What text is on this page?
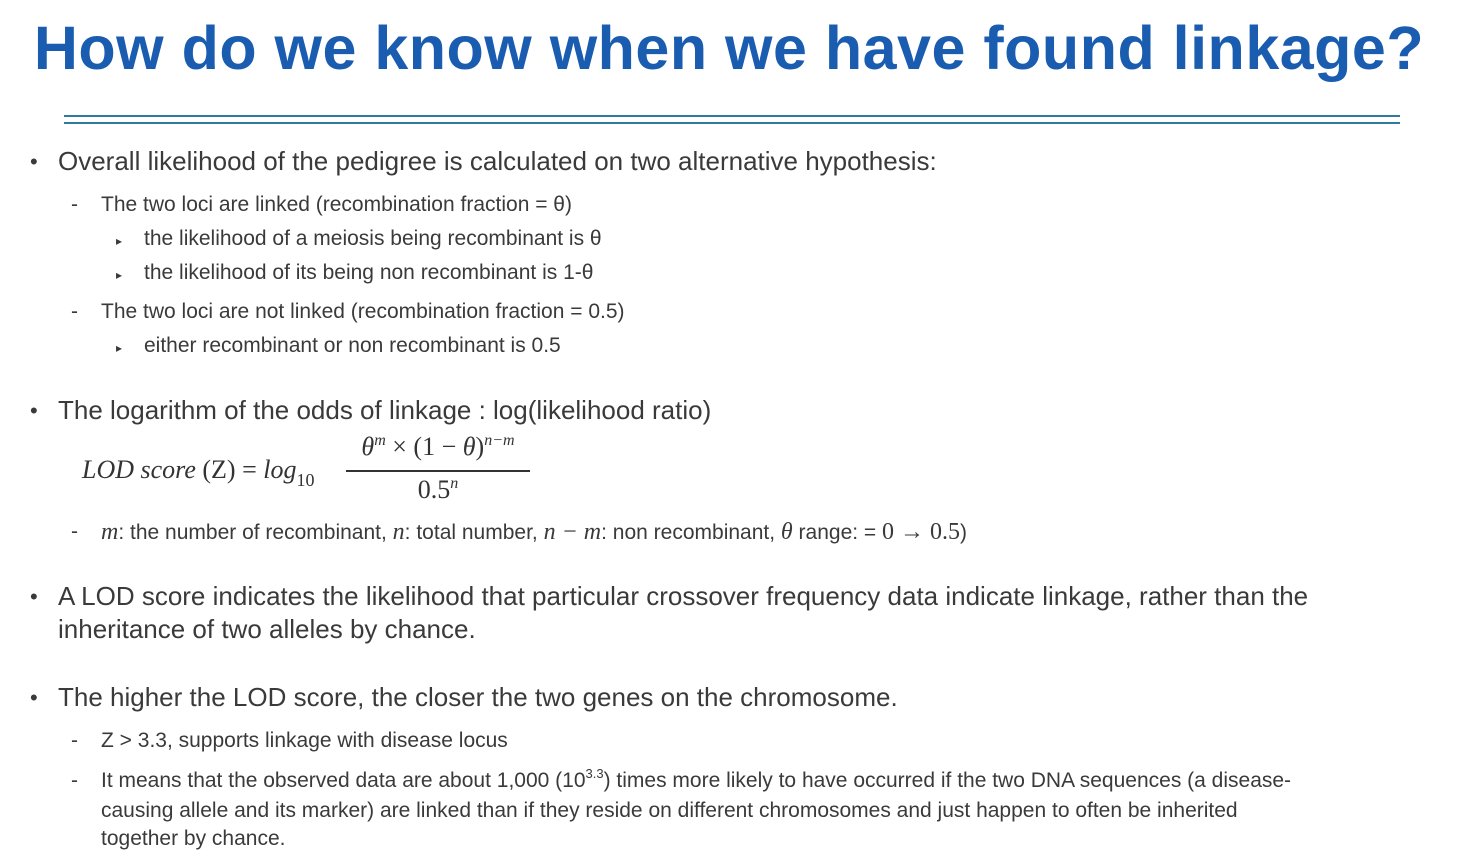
How do we know when we have found linkage?
• Overall likelihood of the pedigree is calculated on two alternative hypothesis:
- The two loci are linked (recombination fraction = θ)
▸ the likelihood of a meiosis being recombinant is θ
▸ the likelihood of its being non recombinant is 1-θ
- The two loci are not linked (recombination fraction = 0.5)
▸ either recombinant or non recombinant is 0.5
• The logarithm of the odds of linkage : log(likelihood ratio)
LOD score $(Z) = \log_{10}$
$\theta^m \times (1 - \theta)^{n-m}$
0.5$^n$
- m: the number of recombinant, n: total number, n − m: non recombinant, θ range: = 0 → 0.5)
• A LOD score indicates the likelihood that particular crossover frequency data indicate linkage, rather than the
inheritance of two alleles by chance.
• The higher the LOD score, the closer the two genes on the chromosome.
- Z > 3.3, supports linkage with disease locus
- It means that the observed data are about 1,000 $(10^{3.3})$ times more likely to have occurred if the two DNA sequences (a disease-
causing allele and its marker) are linked than if they reside on different chromosomes and just happen to often be inherited
together by chance.
